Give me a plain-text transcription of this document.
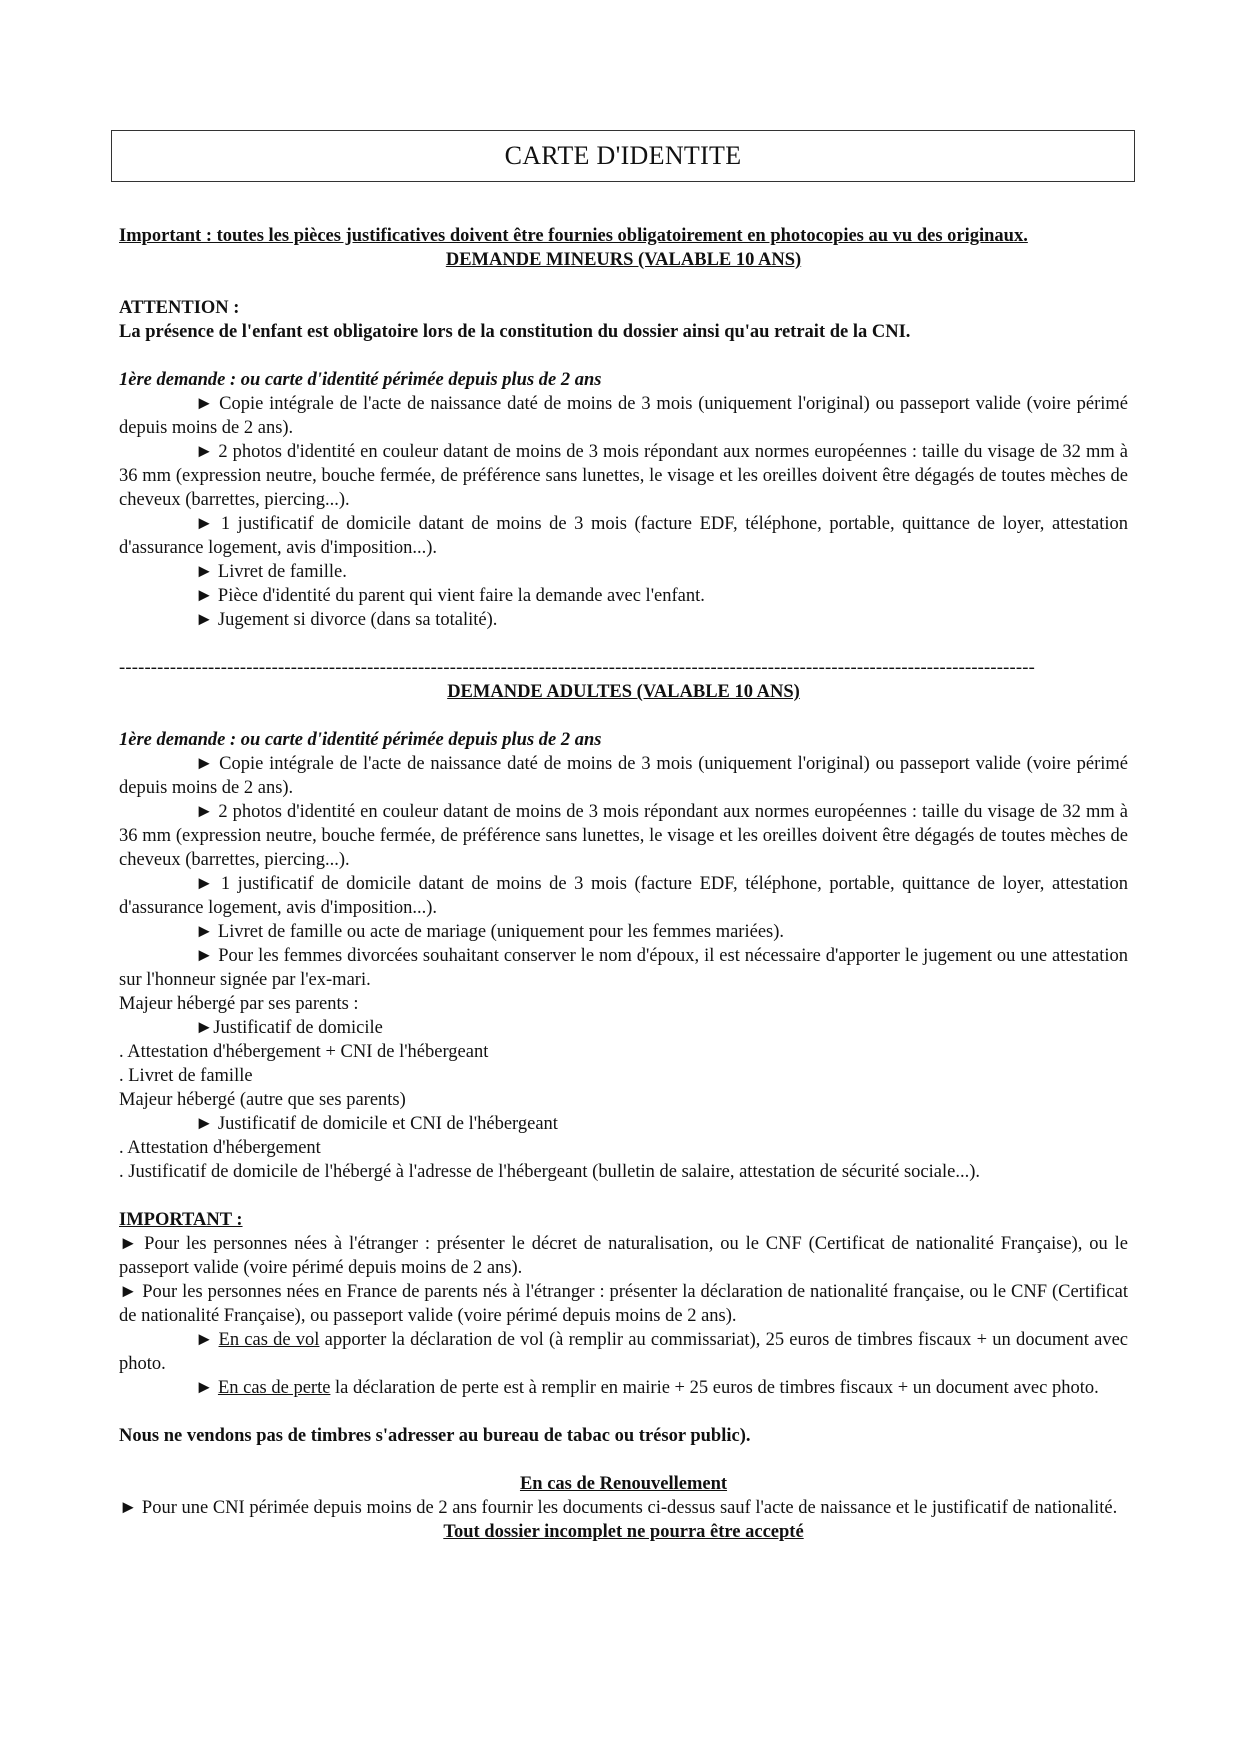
CARTE D'IDENTITE

Important : toutes les pièces justificatives doivent être fournies obligatoirement en photocopies au vu des originaux.

DEMANDE MINEURS (VALABLE 10 ANS)

ATTENTION :

La présence de l'enfant est obligatoire lors de la constitution du dossier ainsi qu'au retrait de la CNI.

1ère demande : ou carte d'identité périmée depuis plus de 2 ans

► Copie intégrale de l'acte de naissance daté de moins de 3 mois (uniquement l'original) ou passeport valide (voire périmé depuis moins de 2 ans).

► 2 photos d'identité en couleur datant de moins de 3 mois répondant aux normes européennes : taille du visage de 32 mm à 36 mm (expression neutre, bouche fermée, de préférence sans lunettes, le visage et les oreilles doivent être dégagés de toutes mèches de cheveux (barrettes, piercing...).

► 1 justificatif de domicile datant de moins de 3 mois (facture EDF, téléphone, portable, quittance de loyer, attestation d'assurance logement, avis d'imposition...).

► Livret de famille.

► Pièce d'identité du parent qui vient faire la demande avec l'enfant.

► Jugement si divorce (dans sa totalité).

------------------------------------------------------------------------------------------------------------------------------------------------

DEMANDE ADULTES (VALABLE 10 ANS)

1ère demande : ou carte d'identité périmée depuis plus de 2 ans

► Copie intégrale de l'acte de naissance daté de moins de 3 mois (uniquement l'original) ou passeport valide (voire périmé depuis moins de 2 ans).

► 2 photos d'identité en couleur datant de moins de 3 mois répondant aux normes européennes : taille du visage de 32 mm à 36 mm (expression neutre, bouche fermée, de préférence sans lunettes, le visage et les oreilles doivent être dégagés de toutes mèches de cheveux (barrettes, piercing...).

► 1 justificatif de domicile datant de moins de 3 mois (facture EDF, téléphone, portable, quittance de loyer, attestation d'assurance logement, avis d'imposition...).

► Livret de famille ou acte de mariage (uniquement pour les femmes mariées).

► Pour les femmes divorcées souhaitant conserver le nom d'époux, il est nécessaire d'apporter le jugement ou une attestation sur l'honneur signée par l'ex-mari.

Majeur hébergé par ses parents :

►Justificatif de domicile

. Attestation d'hébergement + CNI de l'hébergeant

. Livret de famille

Majeur hébergé (autre que ses parents)

► Justificatif de domicile et CNI de l'hébergeant

. Attestation d'hébergement

. Justificatif de domicile de l'hébergé à l'adresse de l'hébergeant (bulletin de salaire, attestation de sécurité sociale...).

IMPORTANT :

► Pour les personnes nées à l'étranger : présenter le décret de naturalisation, ou le CNF (Certificat de nationalité Française), ou le passeport valide (voire périmé depuis moins de 2 ans).

► Pour les personnes nées en France de parents nés à l'étranger : présenter la déclaration de nationalité française, ou le CNF (Certificat de nationalité Française), ou passeport valide (voire périmé depuis moins de 2 ans).

► En cas de vol apporter la déclaration de vol (à remplir au commissariat), 25 euros de timbres fiscaux + un document avec photo.

► En cas de perte la déclaration de perte est à remplir en mairie + 25 euros de timbres fiscaux + un document avec photo.

Nous ne vendons pas de timbres s'adresser au bureau de tabac ou trésor public).

En cas de Renouvellement

► Pour une CNI périmée depuis moins de 2 ans fournir les documents ci-dessus sauf l'acte de naissance et le justificatif de nationalité.

Tout dossier incomplet ne pourra être accepté
